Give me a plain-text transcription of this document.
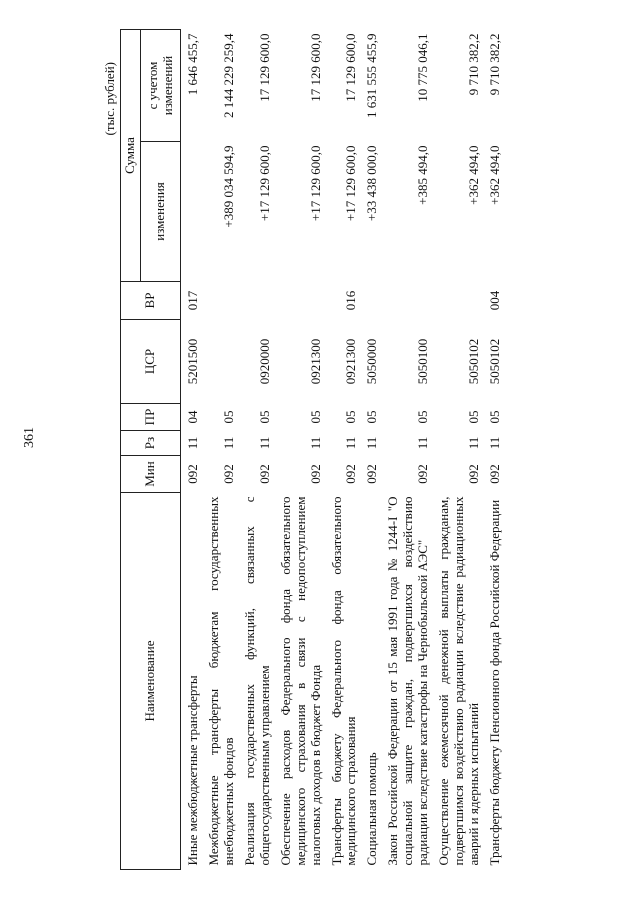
361
(тыс. рублей)
Наименование	Мин	Рз	ПР	ЦСР	ВР	Сумма	
						изменения	с учетом изменений
Иные межбюджетные трансферты	092	11	04	5201500	017		1 646 455,7
Межбюджетные трансферты бюджетам государственных внебюджетных фондов	092	11	05			+389 034 594,9	2 144 229 259,4
Реализация государственных функций, связанных с общегосударственным управлением	092	11	05	0920000		+17 129 600,0	17 129 600,0
Обеспечение расходов Федерального фонда обязательного медицинского страхования в связи с недопоступлением налоговых доходов в бюджет Фонда	092	11	05	0921300		+17 129 600,0	17 129 600,0
Трансферты бюджету Федерального фонда обязательного медицинского страхования	092	11	05	0921300	016	+17 129 600,0	17 129 600,0
Социальная помощь	092	11	05	5050000		+33 438 000,0	1 631 555 455,9
Закон Российской Федерации от 15 мая 1991 года № 1244-I "О социальной защите граждан, подвергшихся воздействию радиации вследствие катастрофы на Чернобыльской АЭС"	092	11	05	5050100		+385 494,0	10 775 046,1
Осуществление ежемесячной денежной выплаты гражданам, подвергшимся воздействию радиации вследствие радиационных аварий и ядерных испытаний	092	11	05	5050102		+362 494,0	9 710 382,2
Трансферты бюджету Пенсионного фонда Российской Федерации	092	11	05	5050102	004	+362 494,0	9 710 382,2
